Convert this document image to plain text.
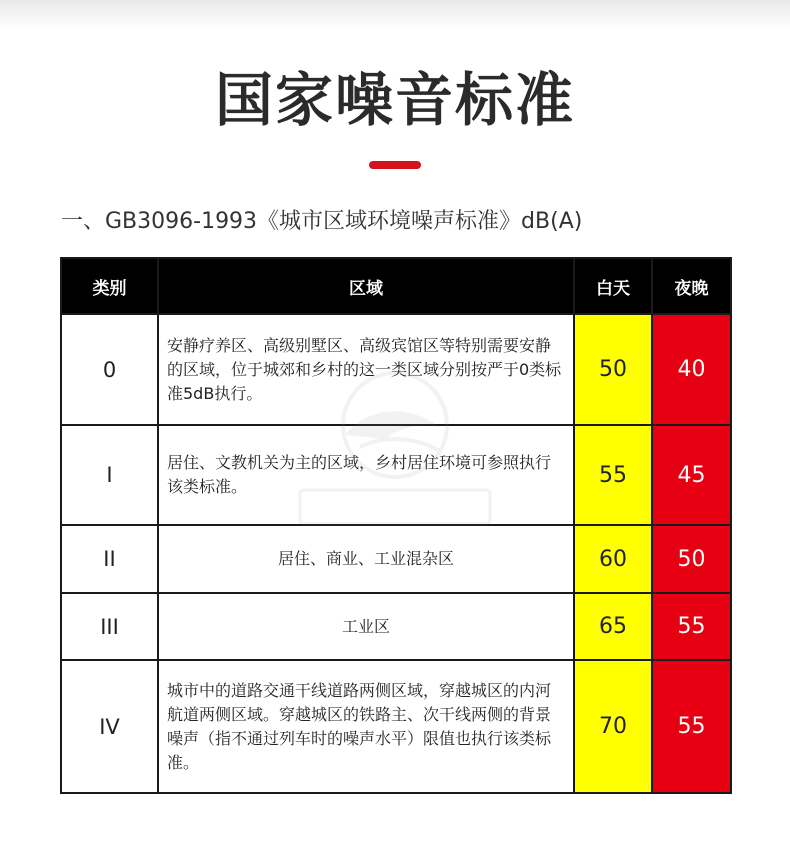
国家噪音标准
一、GB3096-1993《城市区域环境噪声标准》dB(A)
类别	区域	白天	夜晚
0	安静疗养区、高级别墅区、高级宾馆区等特别需要安静的区域，位于城郊和乡村的这一类区域分别按严于0类标准5dB执行。	50	40
I	居住、文教机关为主的区域，乡村居住环境可参照执行该类标准。	55	45
II	居住、商业、工业混杂区	60	50
III	工业区	65	55
IV	城市中的道路交通干线道路两侧区域，穿越城区的内河航道两侧区域。穿越城区的铁路主、次干线两侧的背景噪声（指不通过列车时的噪声水平）限值也执行该类标准。	70	55
